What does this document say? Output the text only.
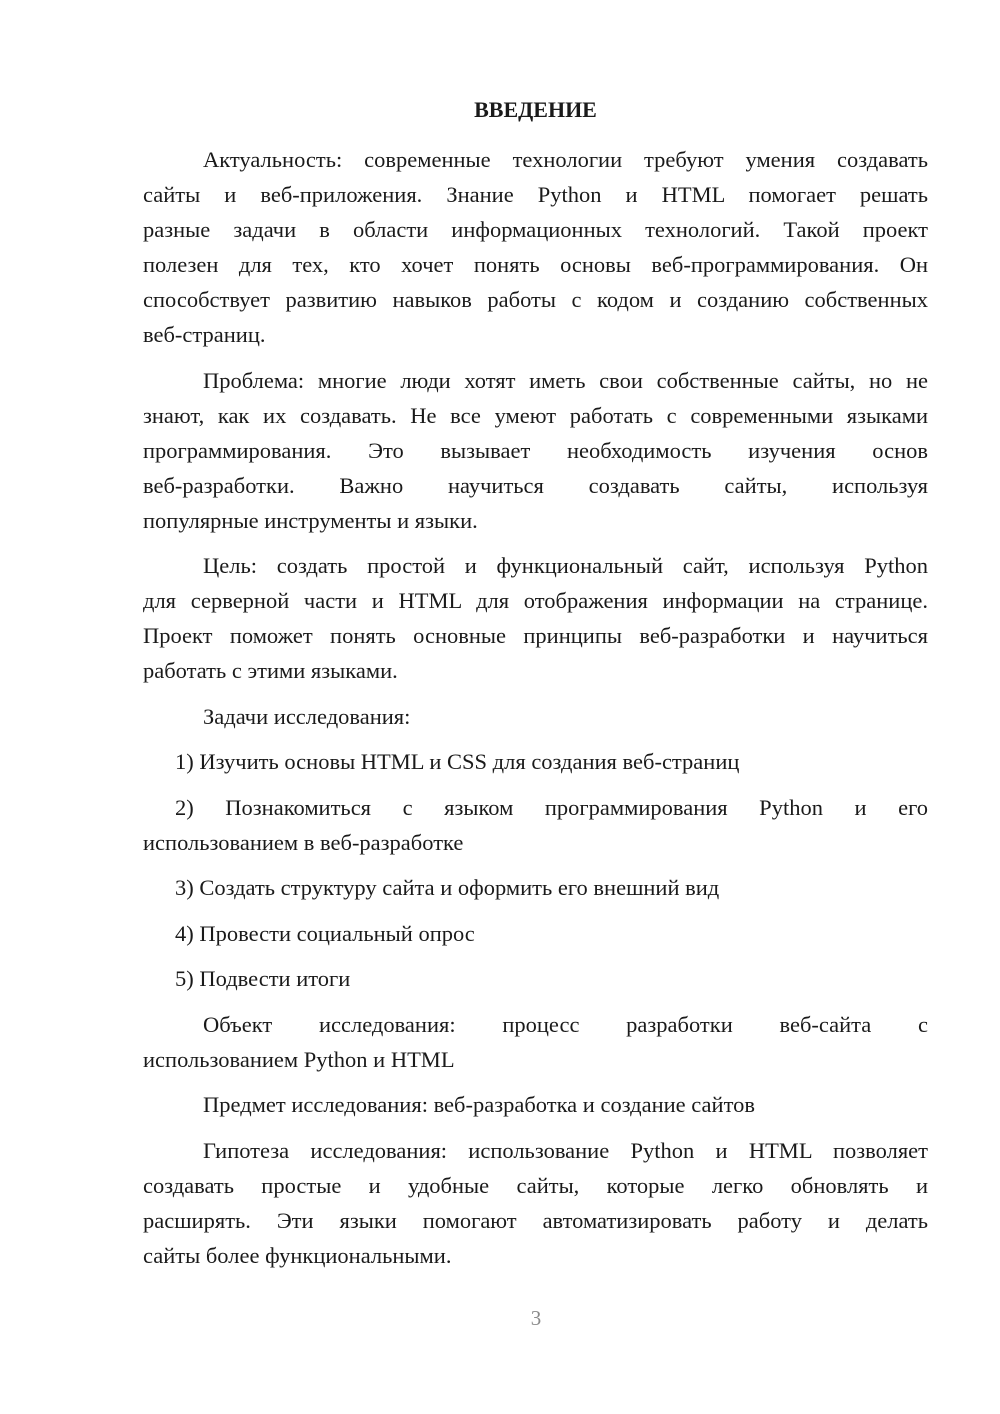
ВВЕДЕНИЕ
Актуальность: современные технологии требуют умения создавать
сайты и веб-приложения. Знание Python и HTML помогает решать
разные задачи в области информационных технологий. Такой проект
полезен для тех, кто хочет понять основы веб-программирования. Он
способствует развитию навыков работы с кодом и созданию собственных
веб-страниц.
Проблема: многие люди хотят иметь свои собственные сайты, но не
знают, как их создавать. Не все умеют работать с современными языками
программирования. Это вызывает необходимость изучения основ
веб-разработки. Важно научиться создавать сайты, используя
популярные инструменты и языки.
Цель: создать простой и функциональный сайт, используя Python
для серверной части и HTML для отображения информации на странице.
Проект поможет понять основные принципы веб-разработки и научиться
работать с этими языками.
Задачи исследования:
1) Изучить основы HTML и CSS для создания веб-страниц
2) Познакомиться с языком программирования Python и его
использованием в веб-разработке
3) Создать структуру сайта и оформить его внешний вид
4) Провести социальный опрос
5) Подвести итоги
Объект исследования: процесс разработки веб-сайта с
использованием Python и HTML
Предмет исследования: веб-разработка и создание сайтов
Гипотеза исследования: использование Python и HTML позволяет
создавать простые и удобные сайты, которые легко обновлять и
расширять. Эти языки помогают автоматизировать работу и делать
сайты более функциональными.
3
